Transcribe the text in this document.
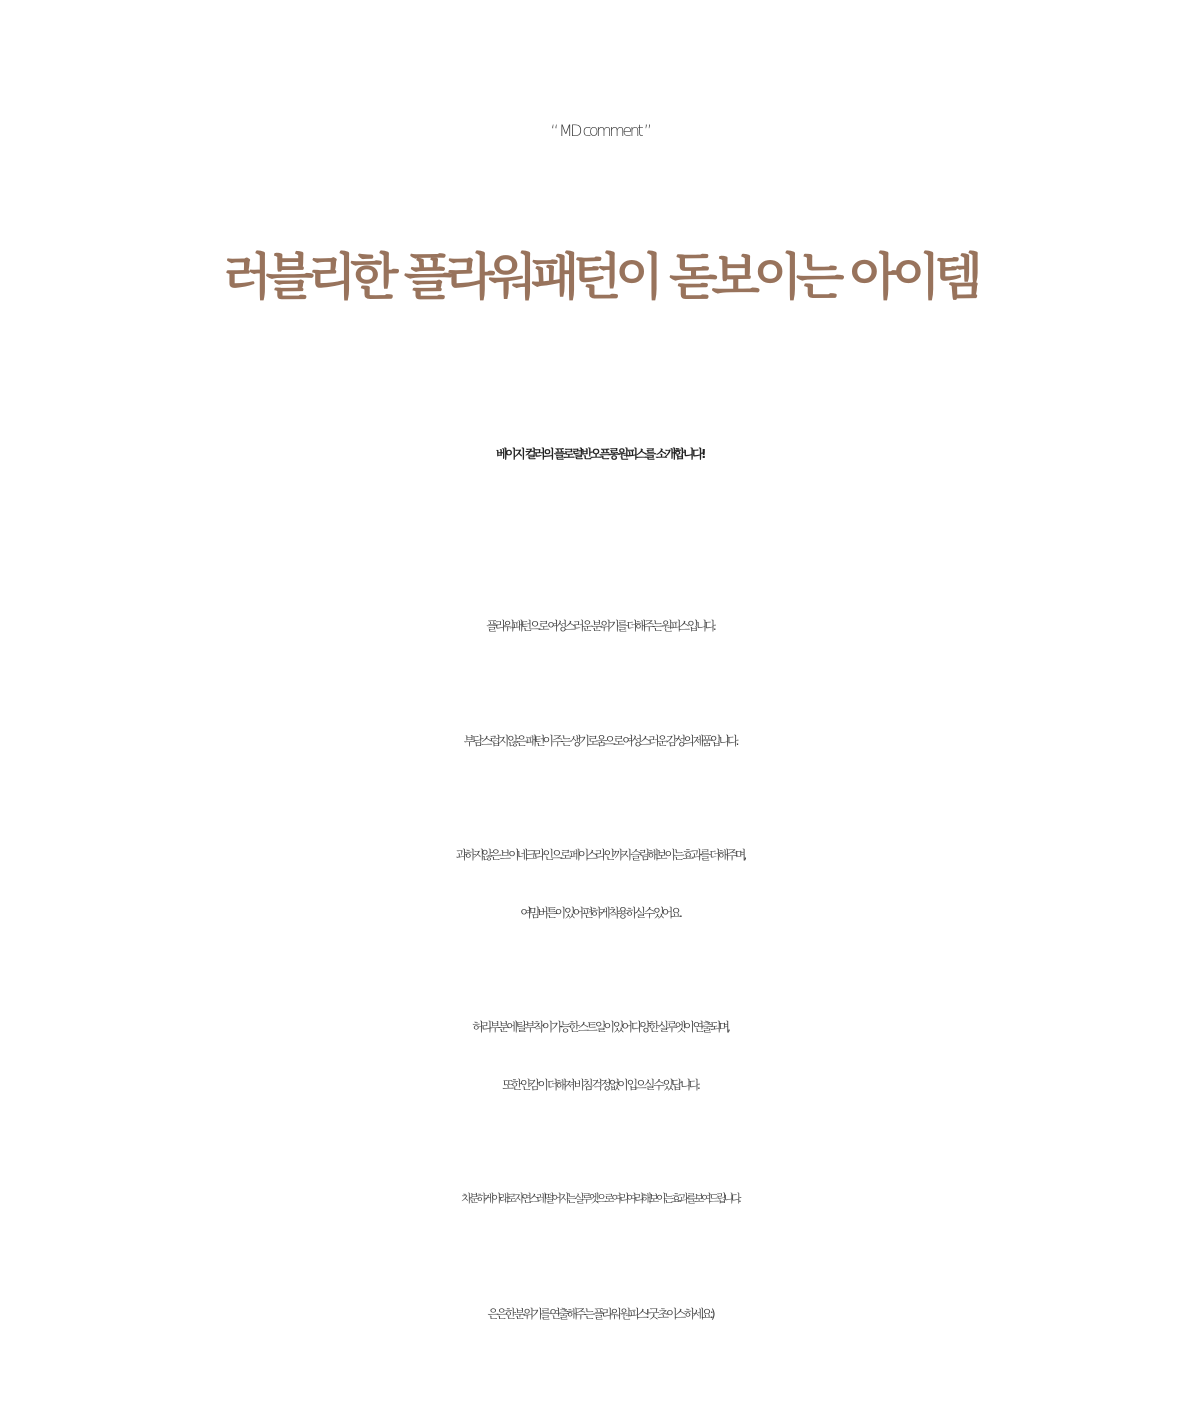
“ MD comment ”
러블리한 플라워패턴이 돋보이는 아이템
베이지 컬러의 플로럴반오픈롱원피스를 소개합니다!
플라워패턴으로 여성스러운 분위기를 더해주는 원피스입니다.
부담스럽지 않은 패턴이 주는 생기로움으로 여성스러운 감성의 제품입니다.
과하지않은 브이네크라인으로 페이스라인까지 슬림해보이는 효과를 더해주며,
여밈버튼이 있어 편하게 착용하실 수 있어요.
허리부분에 탈부착이 가능한 스트일이 있어 다양한 실루엣이 연출되며,
또한 안감이 더해져 비침 걱정없이 입으실 수 있답니다.
차분하게 아래로 자연스레 떨어지는 실루엣으로 여리여리해보이는 효과를 보여드립니다.
은은한 분위기를 연출해주는 플라워 원피스! 굿 초이스 하세요:)
